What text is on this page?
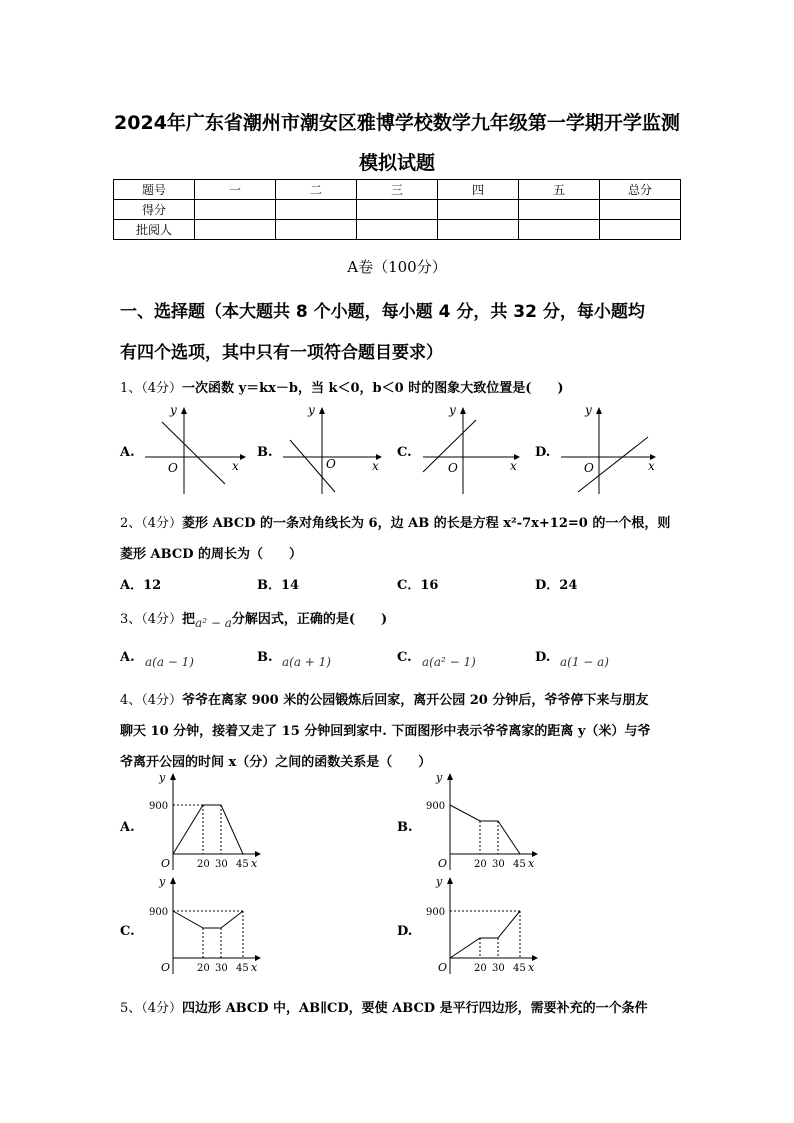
2024年广东省潮州市潮安区雅博学校数学九年级第一学期开学监测
模拟试题
题号	一	二	三	四	五	总分
得分						
批阅人						
A卷（100分）
一、选择题（本大题共 8 个小题，每小题 4 分，共 32 分，每小题均
有四个选项，其中只有一项符合题目要求）
1、（4分）一次函数 y＝kx－b，当 k＜0，b＜0 时的图象大致位置是(　　)
A.
y
x
O
B.
y
x
O
C.
y
x
O
D.
y
x
O
2、（4分）菱形 ABCD 的一条对角线长为 6，边 AB 的长是方程 x²-7x+12=0 的一个根，则
菱形 ABCD 的周长为（　　）
A．12	B．14	C．16	D．24
3、（4分）把a² − a分解因式，正确的是(　　)
A. a(a − 1)	B. a(a + 1)	C. a(a² − 1)	D. a(1 − a)
4、（4分）爷爷在离家 900 米的公园锻炼后回家，离开公园 20 分钟后，爷爷停下来与朋友
聊天 10 分钟，接着又走了 15 分钟回到家中. 下面图形中表示爷爷离家的距离 y（米）与爷
爷离开公园的时间 x（分）之间的函数关系是（　　）
A.
y
900
O	20 30 45 x
B.
y
900
O	20 30 45 x
C.
y
900
O	20 30 45 x
D.
y
900
O	20 30 45 x
5、（4分）四边形 ABCD 中，AB∥CD，要使 ABCD 是平行四边形，需要补充的一个条件
